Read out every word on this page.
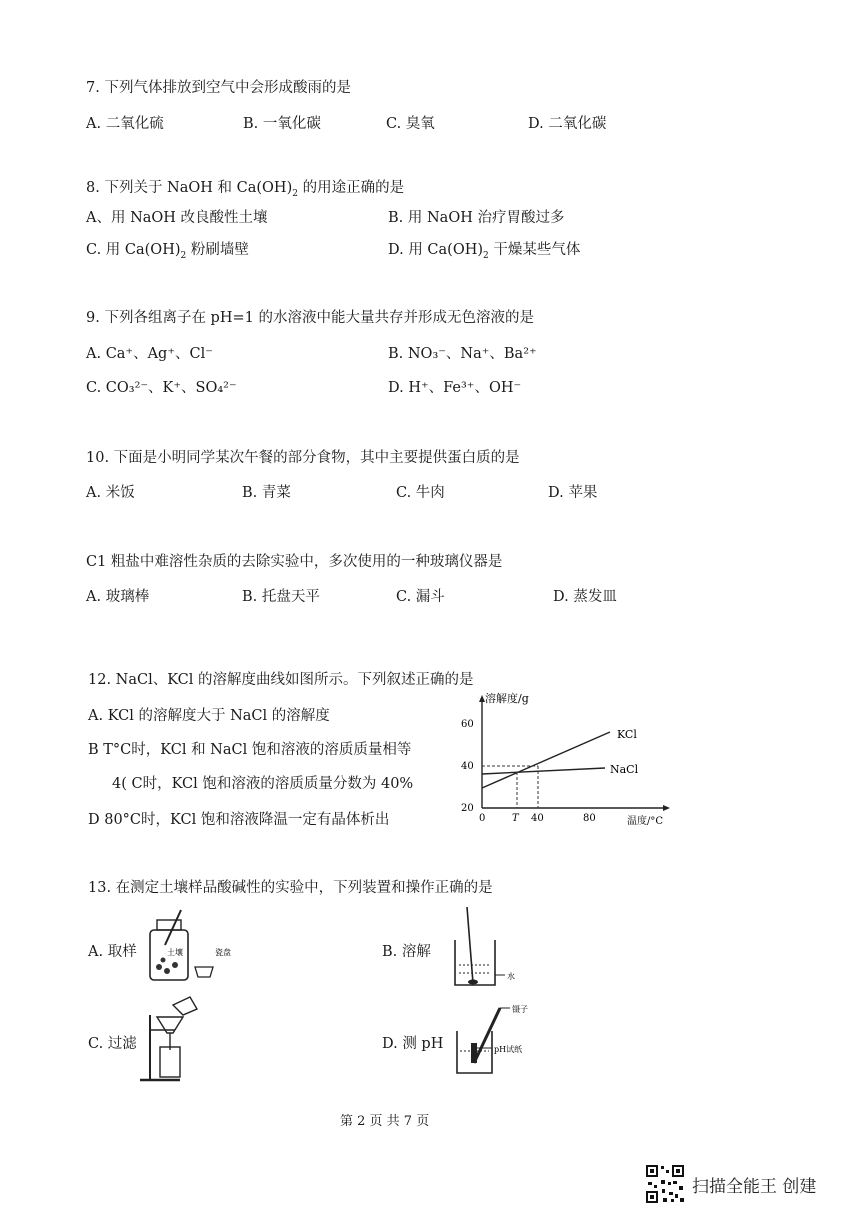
7. 下列气体排放到空气中会形成酸雨的是
A. 二氧化硫	B. 一氧化碳	C. 臭氧	D. 二氧化碳
8. 下列关于 NaOH 和 $Ca(OH)_2$ 的用途正确的是
A、用 NaOH 改良酸性土壤	B. 用 NaOH 治疗胃酸过多
C. 用 $Ca(OH)_2$ 粉刷墙壁	D. 用 $Ca(OH)_2$ 干燥某些气体
9. 下列各组离子在 pH=1 的水溶液中能大量共存并形成无色溶液的是
A. Ca⁺、Ag⁺、Cl⁻	B. NO₃⁻、Na⁺、Ba²⁺
C. CO₃²⁻、K⁺、SO₄²⁻	D. H⁺、Fe³⁺、OH⁻
10. 下面是小明同学某次午餐的部分食物，其中主要提供蛋白质的是
A. 米饭	B. 青菜	C. 牛肉	D. 苹果
C1 粗盐中难溶性杂质的去除实验中，多次使用的一种玻璃仪器是
A. 玻璃棒	B. 托盘天平	C. 漏斗	D. 蒸发皿
12. NaCl、KCl 的溶解度曲线如图所示。下列叙述正确的是
A. KCl 的溶解度大于 NaCl 的溶解度
B T°C时，KCl 和 NaCl 饱和溶液的溶质质量相等
4( C时，KCl 饱和溶液的溶质质量分数为 40%
D 80°C时，KCl 饱和溶液降温一定有晶体析出
溶解度/g
60
40
20
0	T 40	80	温度/°C
KCl
NaCl
13. 在测定土壤样品酸碱性的实验中，下列装置和操作正确的是
A. 取样	土壤	瓷盘	B. 溶解
水
C. 过滤	D. 测 pH
镊子
pH试纸
第 2 页 共 7 页
扫描全能王 创建
